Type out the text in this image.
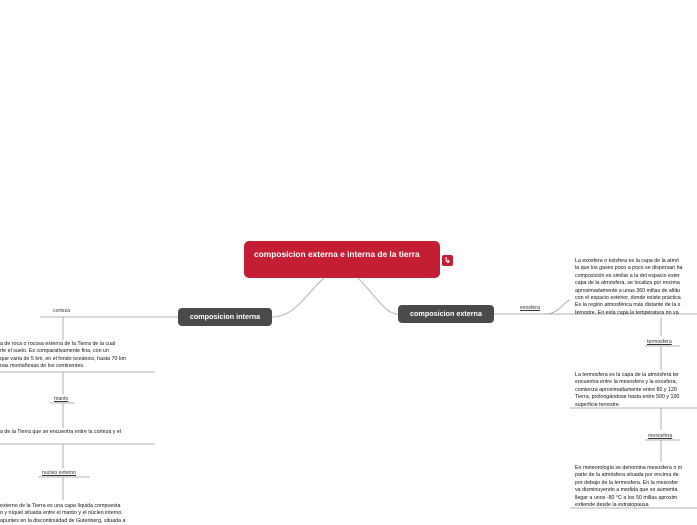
composicion externa e interna de la tierra
↳
composicion interna	composicion externa
corteza
a de roca o rocosa externa de la Tierra de la cual
rte el suelo. Es comparativamente fina, con un
que varía de 5 km, en el fondo oceánico, hasta 70 km
nas montañosas de los continentes.
manto
a de la Tierra que se encuentra entre la corteza y el
nucleo externo
externo de la Tierra es una capa líquida compuesta
o y níquel situada entre el manto y el núcleo interno.
apuntes en la discontinuidad de Gutenberg, situada a
exosfera
La exosfera o exisfera es la capa de la atmó
la que los gases poco a poco se dispersan ha
composición es similar a la del espacio exter
capa de la atmósfera, se localiza por encima
aproximadamente a unas 360 millas de altitu
con el espacio exterior, donde existe práctica
Es la región atmosférica más distante de la s
terrestre. En esta capa la temperatura no va
termosfera
La termosfera es la capa de la atmósfera ter
encuentra entre la mesosfera y la exosfera,
comienza aproximadamente entre 80 y 120
Tierra, prolongándose hasta entre 500 y 100
superficie terrestre.
mesosfera
En meteorología se denomina mesosfera o m
parte de la atmósfera situada por encima de
por debajo de la termosfera. En la mesosfer
va disminuyendo a medida que se aumenta
llegar a unos -80 °C a los 50 millas aproxim
extiende desde la estratopausa
